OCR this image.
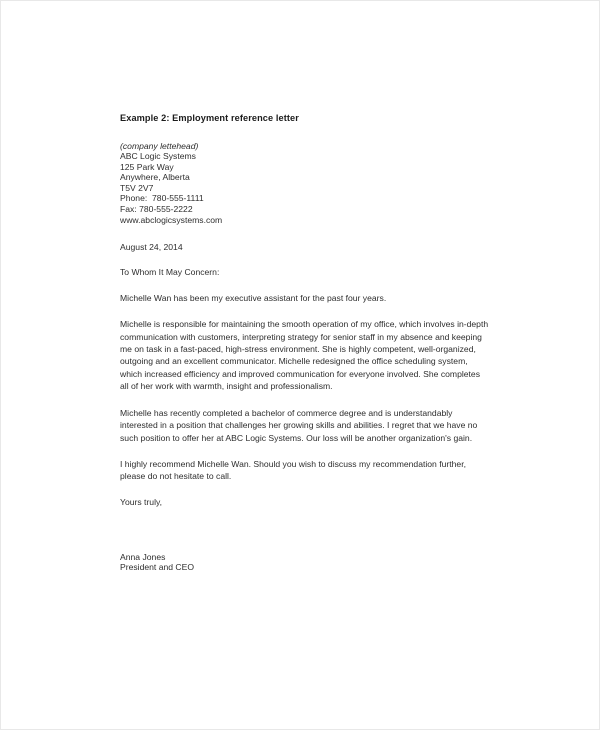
Example 2: Employment reference letter
(company lettehead)
ABC Logic Systems
125 Park Way
Anywhere, Alberta
T5V 2V7
Phone:  780-555-1111
Fax: 780-555-2222
www.abclogicsystems.com
August 24, 2014
To Whom It May Concern:

Michelle Wan has been my executive assistant for the past four years.

Michelle is responsible for maintaining the smooth operation of my office, which involves in-depth communication with customers, interpreting strategy for senior staff in my absence and keeping me on task in a fast-paced, high-stress environment. She is highly competent, well-organized, outgoing and an excellent communicator. Michelle redesigned the office scheduling system, which increased efficiency and improved communication for everyone involved. She completes all of her work with warmth, insight and professionalism.

Michelle has recently completed a bachelor of commerce degree and is understandably interested in a position that challenges her growing skills and abilities. I regret that we have no such position to offer her at ABC Logic Systems. Our loss will be another organization's gain.

I highly recommend Michelle Wan. Should you wish to discuss my recommendation further, please do not hesitate to call.

Yours truly,
Anna Jones
President and CEO
